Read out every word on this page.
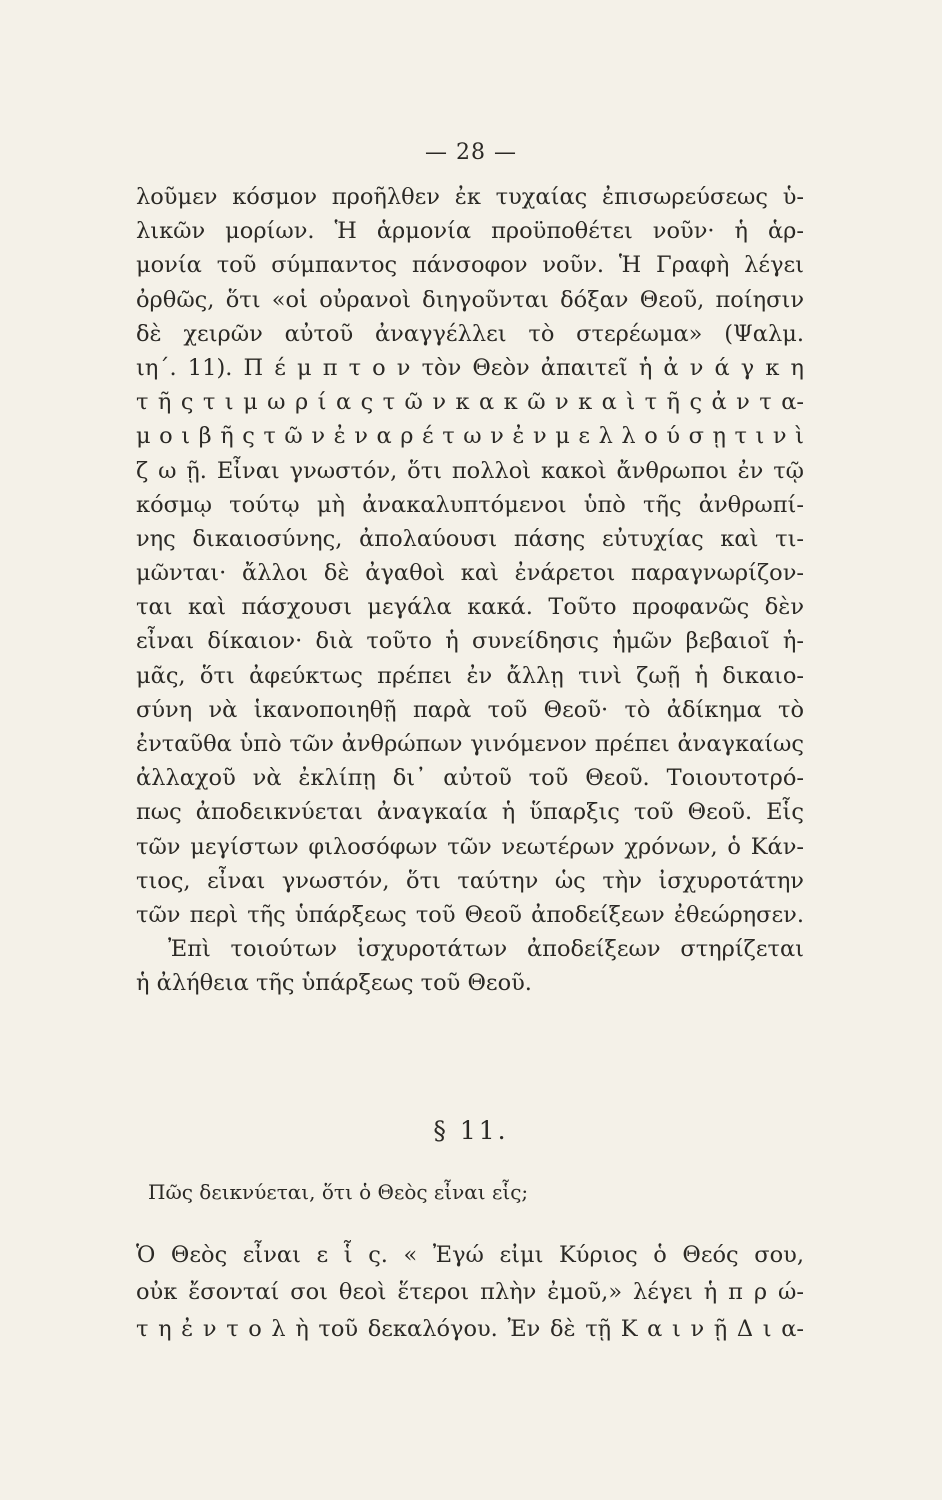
— 28 —
λοῦμεν κόσμον προῆλθεν ἐκ τυχαίας ἐπισωρεύσεως ὑ-
λικῶν μορίων. Ἡ ἁρμονία προϋποθέτει νοῦν· ἡ ἁρ-
μονία τοῦ σύμπαντος πάνσοφον νοῦν. Ἡ Γραφὴ λέγει
ὀρθῶς, ὅτι «οἱ οὐρανοὶ διηγοῦνται δόξαν Θεοῦ, ποίησιν
δὲ χειρῶν αὐτοῦ ἀναγγέλλει τὸ στερέωμα» (Ψαλμ.
ιη΄. 11). Π έ μ π τ ο ν τὸν Θεὸν ἀπαιτεῖ ἡ ἀ ν ά γ κ η
τ ῆ ς τ ι μ ω ρ ί α ς τ ῶ ν κ α κ ῶ ν κ α ὶ τ ῆ ς ἀ ν τ α-
μ ο ι β ῆ ς τ ῶ ν ἐ ν α ρ έ τ ω ν ἐ ν μ ε λ λ ο ύ σ ῃ τ ι ν ὶ
ζ ω ῇ. Εἶναι γνωστόν, ὅτι πολλοὶ κακοὶ ἄνθρωποι ἐν τῷ
κόσμῳ τούτῳ μὴ ἀνακαλυπτόμενοι ὑπὸ τῆς ἀνθρωπί-
νης δικαιοσύνης, ἀπολαύουσι πάσης εὐτυχίας καὶ τι-
μῶνται· ἄλλοι δὲ ἀγαθοὶ καὶ ἐνάρετοι παραγνωρίζον-
ται καὶ πάσχουσι μεγάλα κακά. Τοῦτο προφανῶς δὲν
εἶναι δίκαιον· διὰ τοῦτο ἡ συνείδησις ἡμῶν βεβαιοῖ ἡ-
μᾶς, ὅτι ἀφεύκτως πρέπει ἐν ἄλλῃ τινὶ ζωῇ ἡ δικαιο-
σύνη νὰ ἱκανοποιηθῇ παρὰ τοῦ Θεοῦ· τὸ ἀδίκημα τὸ
ἐνταῦθα ὑπὸ τῶν ἀνθρώπων γινόμενον πρέπει ἀναγκαίως
ἀλλαχοῦ νὰ ἐκλίπῃ δι᾿ αὐτοῦ τοῦ Θεοῦ. Τοιουτοτρό-
πως ἀποδεικνύεται ἀναγκαία ἡ ὕπαρξις τοῦ Θεοῦ. Εἷς
τῶν μεγίστων φιλοσόφων τῶν νεωτέρων χρόνων, ὁ Κάν-
τιος, εἶναι γνωστόν, ὅτι ταύτην ὡς τὴν ἰσχυροτάτην
τῶν περὶ τῆς ὑπάρξεως τοῦ Θεοῦ ἀποδείξεων ἐθεώρησεν.
Ἐπὶ τοιούτων ἰσχυροτάτων ἀποδείξεων στηρίζεται
ἡ ἀλήθεια τῆς ὑπάρξεως τοῦ Θεοῦ.
§ 11.
Πῶς δεικνύεται, ὅτι ὁ Θεὸς εἶναι εἷς;
Ὁ Θεὸς εἶναι ε ἷ ς. « Ἐγώ εἰμι Κύριος ὁ Θεός σου,
οὐκ ἔσονταί σοι θεοὶ ἕτεροι πλὴν ἐμοῦ,» λέγει ἡ π ρ ώ-
τ η ἐ ν τ ο λ ὴ τοῦ δεκαλόγου. Ἐν δὲ τῇ Κ α ι ν ῇ Δ ι α-
